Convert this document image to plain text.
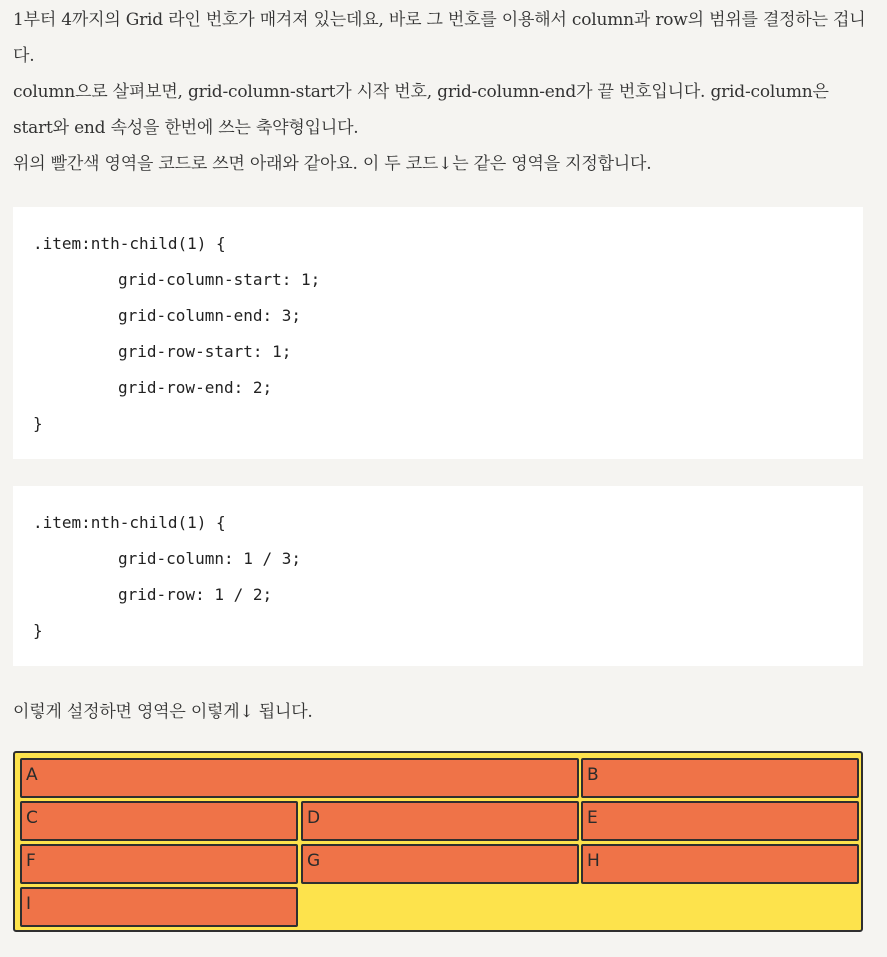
1부터 4까지의 Grid 라인 번호가 매겨져 있는데요, 바로 그 번호를 이용해서 column과 row의 범위를 결정하는 겁니다.

column으로 살펴보면, grid-column-start가 시작 번호, grid-column-end가 끝 번호입니다. grid-column은 start와 end 속성을 한번에 쓰는 축약형입니다.

위의 빨간색 영역을 코드로 쓰면 아래와 같아요. 이 두 코드↓는 같은 영역을 지정합니다.

.item:nth-child(1) {
grid-column-start: 1;
grid-column-end: 3;
grid-row-start: 1;
grid-row-end: 2;
}
.item:nth-child(1) {
grid-column: 1 / 3;
grid-row: 1 / 2;
}
이렇게 설정하면 영역은 이렇게↓ 됩니다.
A	B
C	D	E
F	G	H
I
